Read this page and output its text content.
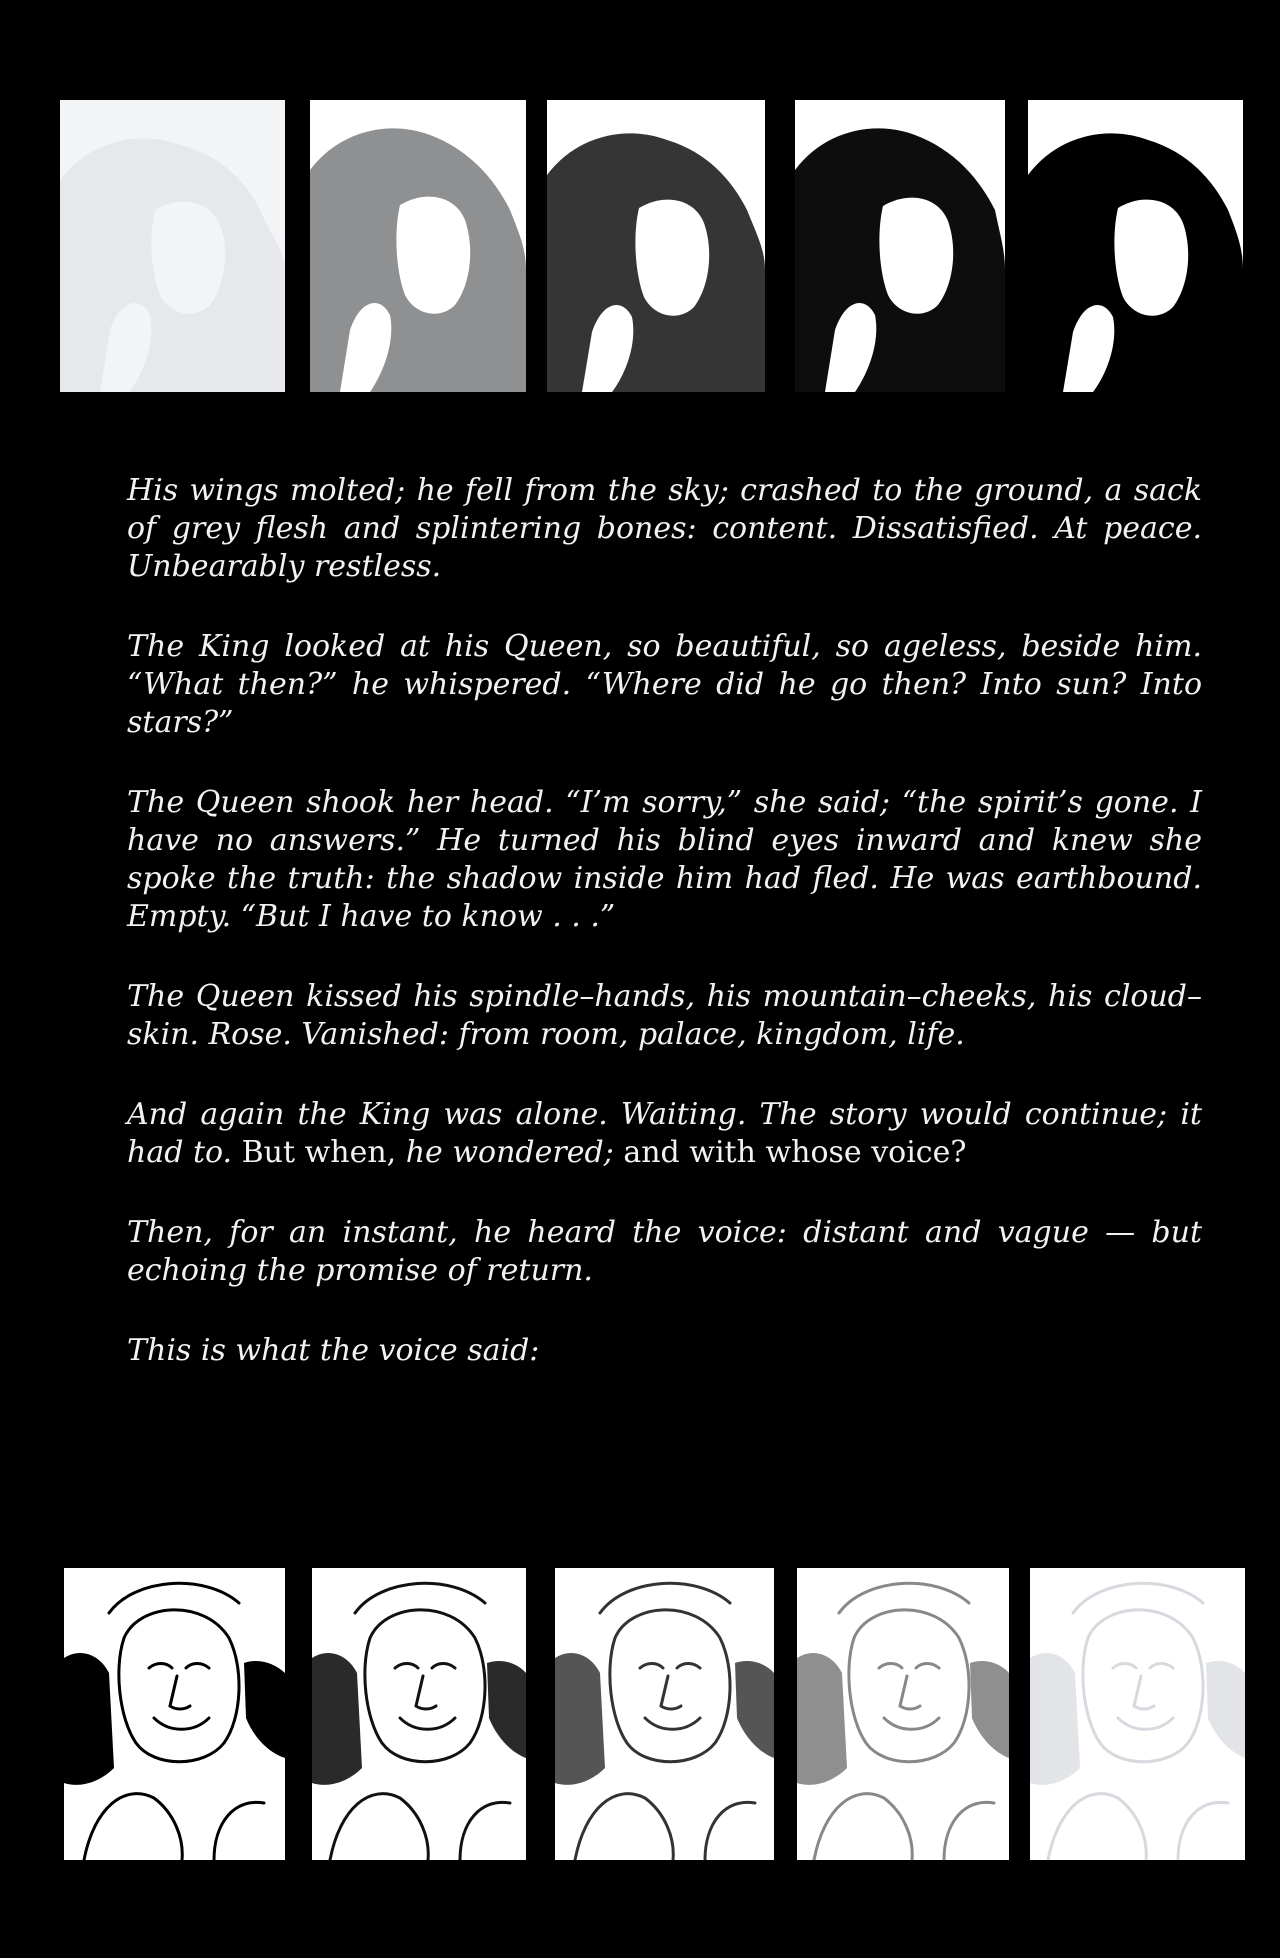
His wings molted; he fell from the sky; crashed to the ground, a sack of grey flesh and splintering bones: content. Dissatisfied. At peace. Unbearably restless.

The King looked at his Queen, so beautiful, so ageless, beside him. “What then?” he whispered. “Where did he go then? Into sun? Into stars?”

The Queen shook her head. “I’m sorry,” she said; “the spirit’s gone. I have no answers.” He turned his blind eyes inward and knew she spoke the truth: the shadow inside him had fled. He was earthbound. Empty. “But I have to know . . .”

The Queen kissed his spindle–hands, his mountain–cheeks, his cloud–skin. Rose. Vanished: from room, palace, kingdom, life.

And again the King was alone. Waiting. The story would continue; it had to. But when, he wondered; and with whose voice?

Then, for an instant, he heard the voice: distant and vague — but echoing the promise of return.

This is what the voice said:
